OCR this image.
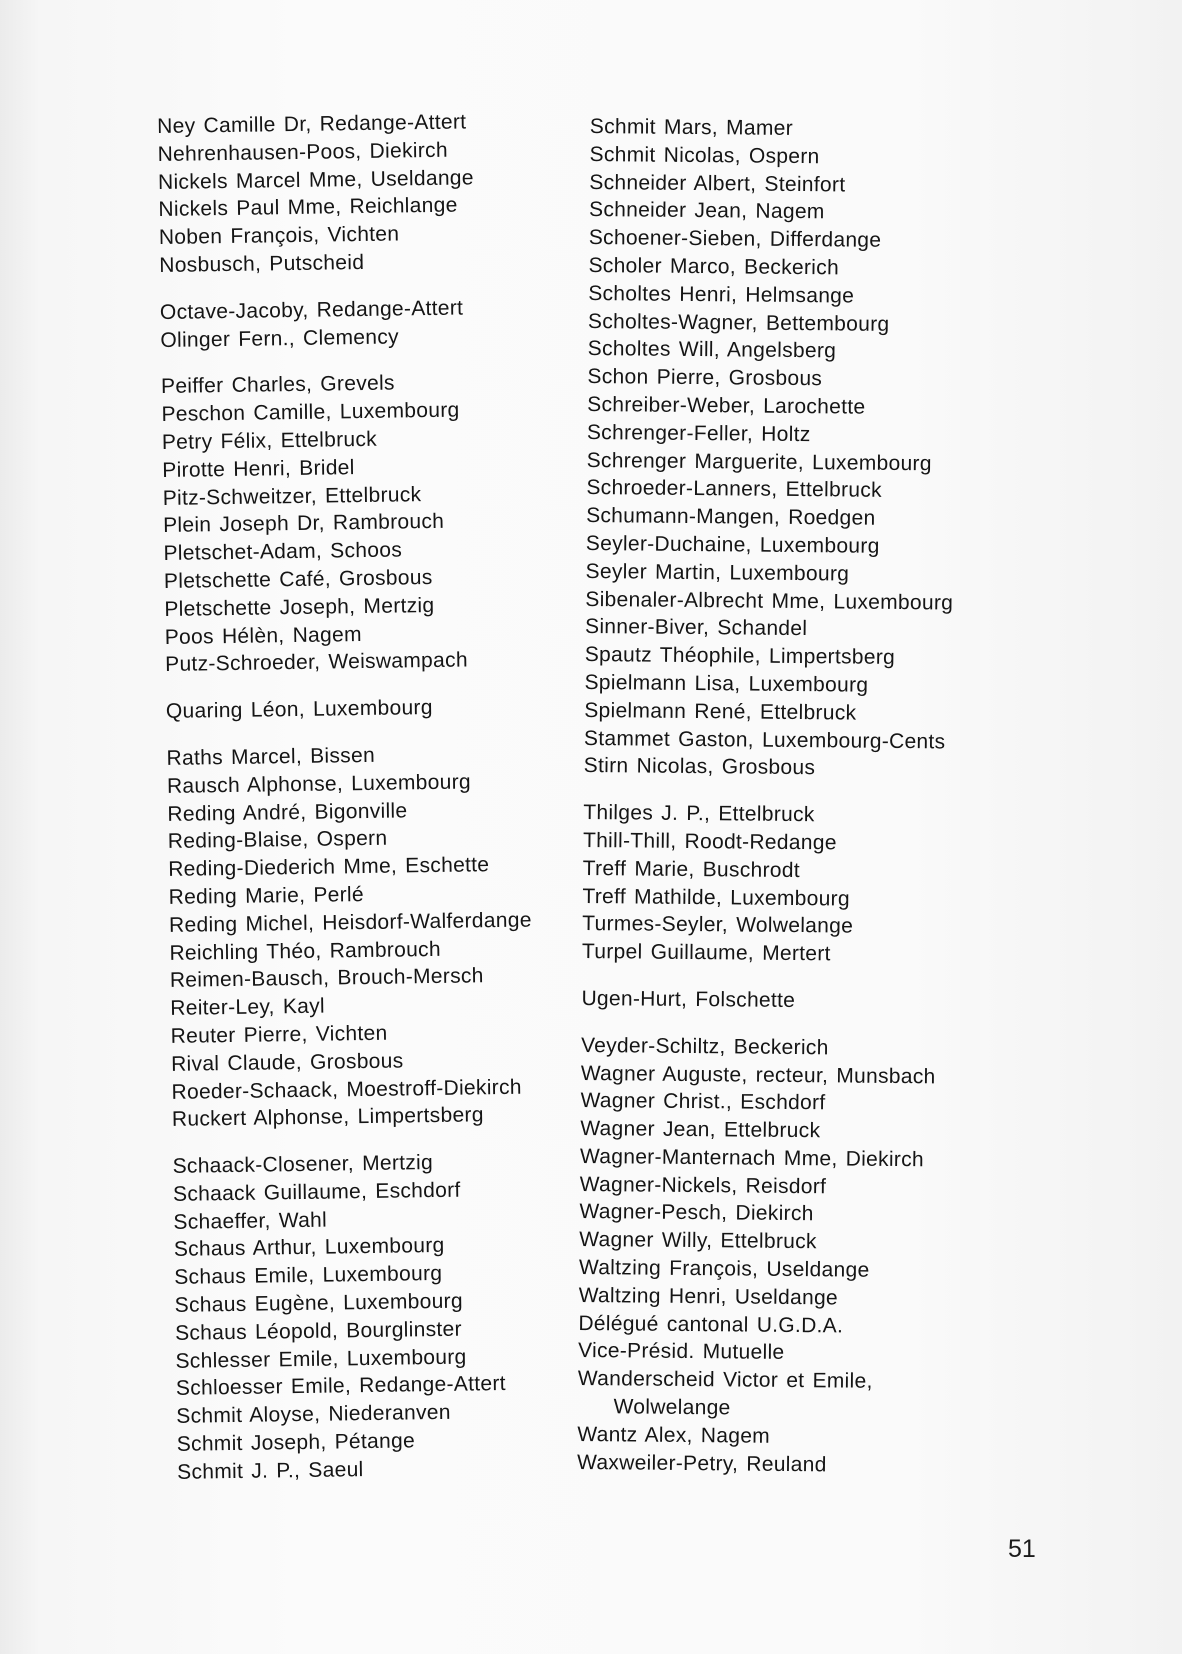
Ney Camille Dr, Redange-Attert
Nehrenhausen-Poos, Diekirch
Nickels Marcel Mme, Useldange
Nickels Paul Mme, Reichlange
Noben François, Vichten
Nosbusch, Putscheid
Octave-Jacoby, Redange-Attert
Olinger Fern., Clemency
Peiffer Charles, Grevels
Peschon Camille, Luxembourg
Petry Félix, Ettelbruck
Pirotte Henri, Bridel
Pitz-Schweitzer, Ettelbruck
Plein Joseph Dr, Rambrouch
Pletschet-Adam, Schoos
Pletschette Café, Grosbous
Pletschette Joseph, Mertzig
Poos Hélèn, Nagem
Putz-Schroeder, Weiswampach
Quaring Léon, Luxembourg
Raths Marcel, Bissen
Rausch Alphonse, Luxembourg
Reding André, Bigonville
Reding-Blaise, Ospern
Reding-Diederich Mme, Eschette
Reding Marie, Perlé
Reding Michel, Heisdorf-Walferdange
Reichling Théo, Rambrouch
Reimen-Bausch, Brouch-Mersch
Reiter-Ley, Kayl
Reuter Pierre, Vichten
Rival Claude, Grosbous
Roeder-Schaack, Moestroff-Diekirch
Ruckert Alphonse, Limpertsberg
Schaack-Closener, Mertzig
Schaack Guillaume, Eschdorf
Schaeffer, Wahl
Schaus Arthur, Luxembourg
Schaus Emile, Luxembourg
Schaus Eugène, Luxembourg
Schaus Léopold, Bourglinster
Schlesser Emile, Luxembourg
Schloesser Emile, Redange-Attert
Schmit Aloyse, Niederanven
Schmit Joseph, Pétange
Schmit J. P., Saeul
Schmit Mars, Mamer
Schmit Nicolas, Ospern
Schneider Albert, Steinfort
Schneider Jean, Nagem
Schoener-Sieben, Differdange
Scholer Marco, Beckerich
Scholtes Henri, Helmsange
Scholtes-Wagner, Bettembourg
Scholtes Will, Angelsberg
Schon Pierre, Grosbous
Schreiber-Weber, Larochette
Schrenger-Feller, Holtz
Schrenger Marguerite, Luxembourg
Schroeder-Lanners, Ettelbruck
Schumann-Mangen, Roedgen
Seyler-Duchaine, Luxembourg
Seyler Martin, Luxembourg
Sibenaler-Albrecht Mme, Luxembourg
Sinner-Biver, Schandel
Spautz Théophile, Limpertsberg
Spielmann Lisa, Luxembourg
Spielmann René, Ettelbruck
Stammet Gaston, Luxembourg-Cents
Stirn Nicolas, Grosbous
Thilges J. P., Ettelbruck
Thill-Thill, Roodt-Redange
Treff Marie, Buschrodt
Treff Mathilde, Luxembourg
Turmes-Seyler, Wolwelange
Turpel Guillaume, Mertert
Ugen-Hurt, Folschette
Veyder-Schiltz, Beckerich
Wagner Auguste, recteur, Munsbach
Wagner Christ., Eschdorf
Wagner Jean, Ettelbruck
Wagner-Manternach Mme, Diekirch
Wagner-Nickels, Reisdorf
Wagner-Pesch, Diekirch
Wagner Willy, Ettelbruck
Waltzing François, Useldange
Waltzing Henri, Useldange
Délégué cantonal U.G.D.A.
Vice-Présid. Mutuelle
Wanderscheid Victor et Emile,
Wolwelange
Wantz Alex, Nagem
Waxweiler-Petry, Reuland
51
